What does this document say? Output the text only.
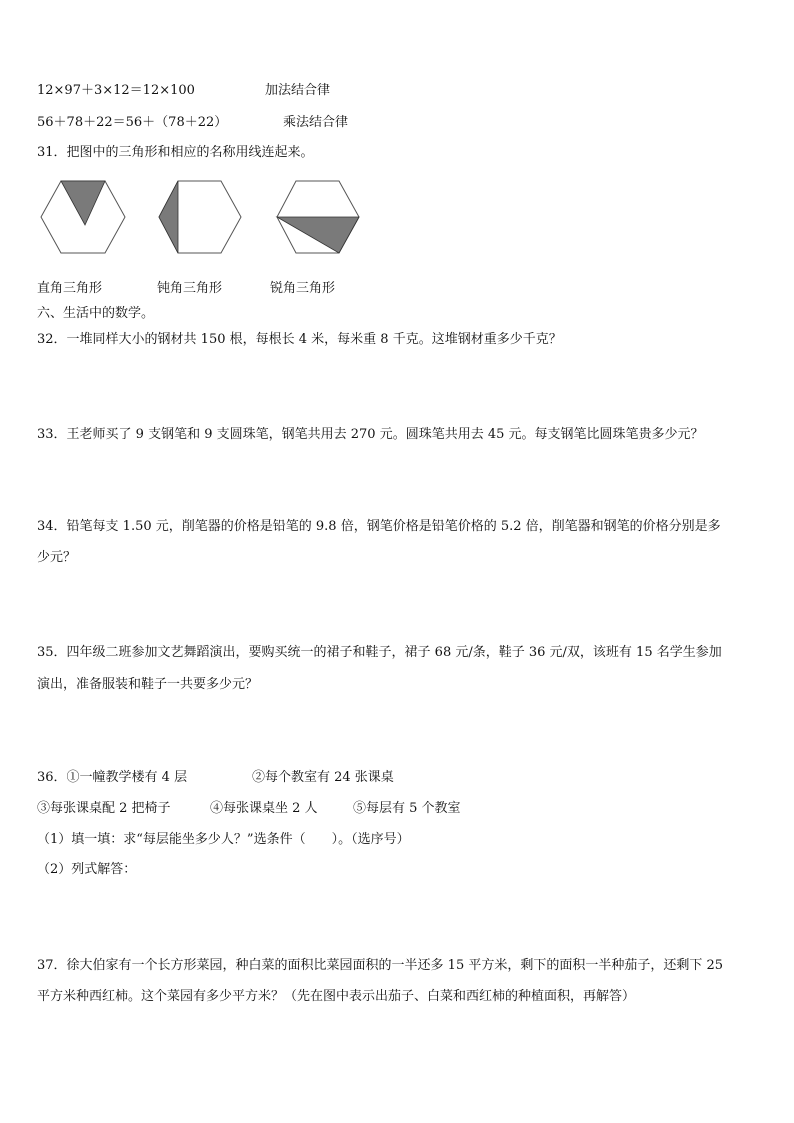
12×97＋3×12＝12×100	加法结合律
56＋78＋22＝56＋（78＋22）	乘法结合律
31．把图中的三角形和相应的名称用线连起来。
直角三角形	钝角三角形	锐角三角形
六、生活中的数学。
32．一堆同样大小的钢材共 150 根，每根长 4 米，每米重 8 千克。这堆钢材重多少千克？
33．王老师买了 9 支钢笔和 9 支圆珠笔，钢笔共用去 270 元。圆珠笔共用去 45 元。每支钢笔比圆珠笔贵多少元？
34．铅笔每支 1.50 元，削笔器的价格是铅笔的 9.8 倍，钢笔价格是铅笔价格的 5.2 倍，削笔器和钢笔的价格分别是多
少元？
35．四年级二班参加文艺舞蹈演出，要购买统一的裙子和鞋子，裙子 68 元/条，鞋子 36 元/双，该班有 15 名学生参加
演出，准备服装和鞋子一共要多少元？
36．①一幢教学楼有 4 层	②每个教室有 24 张课桌
③每张课桌配 2 把椅子	④每张课桌坐 2 人	⑤每层有 5 个教室
（1）填一填：求“每层能坐多少人？”选条件（　　）。（选序号）
（2）列式解答：
37．徐大伯家有一个长方形菜园，种白菜的面积比菜园面积的一半还多 15 平方米，剩下的面积一半种茄子，还剩下 25
平方米种西红柿。这个菜园有多少平方米？（先在图中表示出茄子、白菜和西红柿的种植面积，再解答）
